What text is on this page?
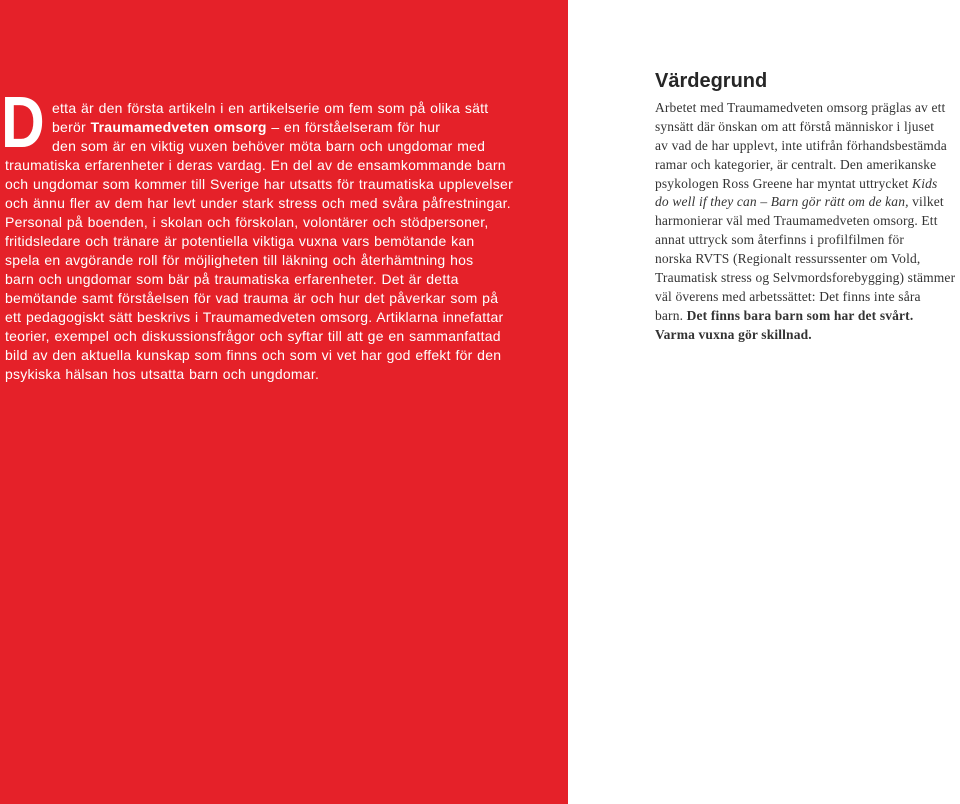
D etta är den första artikeln i en artikelserie om fem som på olika sätt
berör Traumamedveten omsorg – en förståelseram för hur
den som är en viktig vuxen behöver möta barn och ungdomar med
traumatiska erfarenheter i deras vardag. En del av de ensamkommande barn
och ungdomar som kommer till Sverige har utsatts för traumatiska upplevelser
och ännu fler av dem har levt under stark stress och med svåra påfrestningar.
Personal på boenden, i skolan och förskolan, volontärer och stödpersoner,
fritidsledare och tränare är potentiella viktiga vuxna vars bemötande kan
spela en avgörande roll för möjligheten till läkning och återhämtning hos
barn och ungdomar som bär på traumatiska erfarenheter. Det är detta
bemötande samt förståelsen för vad trauma är och hur det påverkar som på
ett pedagogiskt sätt beskrivs i Traumamedveten omsorg. Artiklarna innefattar
teorier, exempel och diskussionsfrågor och syftar till att ge en sammanfattad
bild av den aktuella kunskap som finns och som vi vet har god effekt för den
psykiska hälsan hos utsatta barn och ungdomar.
Värdegrund
Arbetet med Traumamedveten omsorg präglas av ett
synsätt där önskan om att förstå människor i ljuset
av vad de har upplevt, inte utifrån förhandsbestämda
ramar och kategorier, är centralt. Den amerikanske
psykologen Ross Greene har myntat uttrycket Kids
do well if they can – Barn gör rätt om de kan, vilket
harmonierar väl med Traumamedveten omsorg. Ett
annat uttryck som återfinns i profilfilmen för
norska RVTS (Regionalt ressurssenter om Vold,
Traumatisk stress og Selvmordsforebygging) stämmer
väl överens med arbetssättet: Det finns inte såra
barn. Det finns bara barn som har det svårt.
Varma vuxna gör skillnad.
